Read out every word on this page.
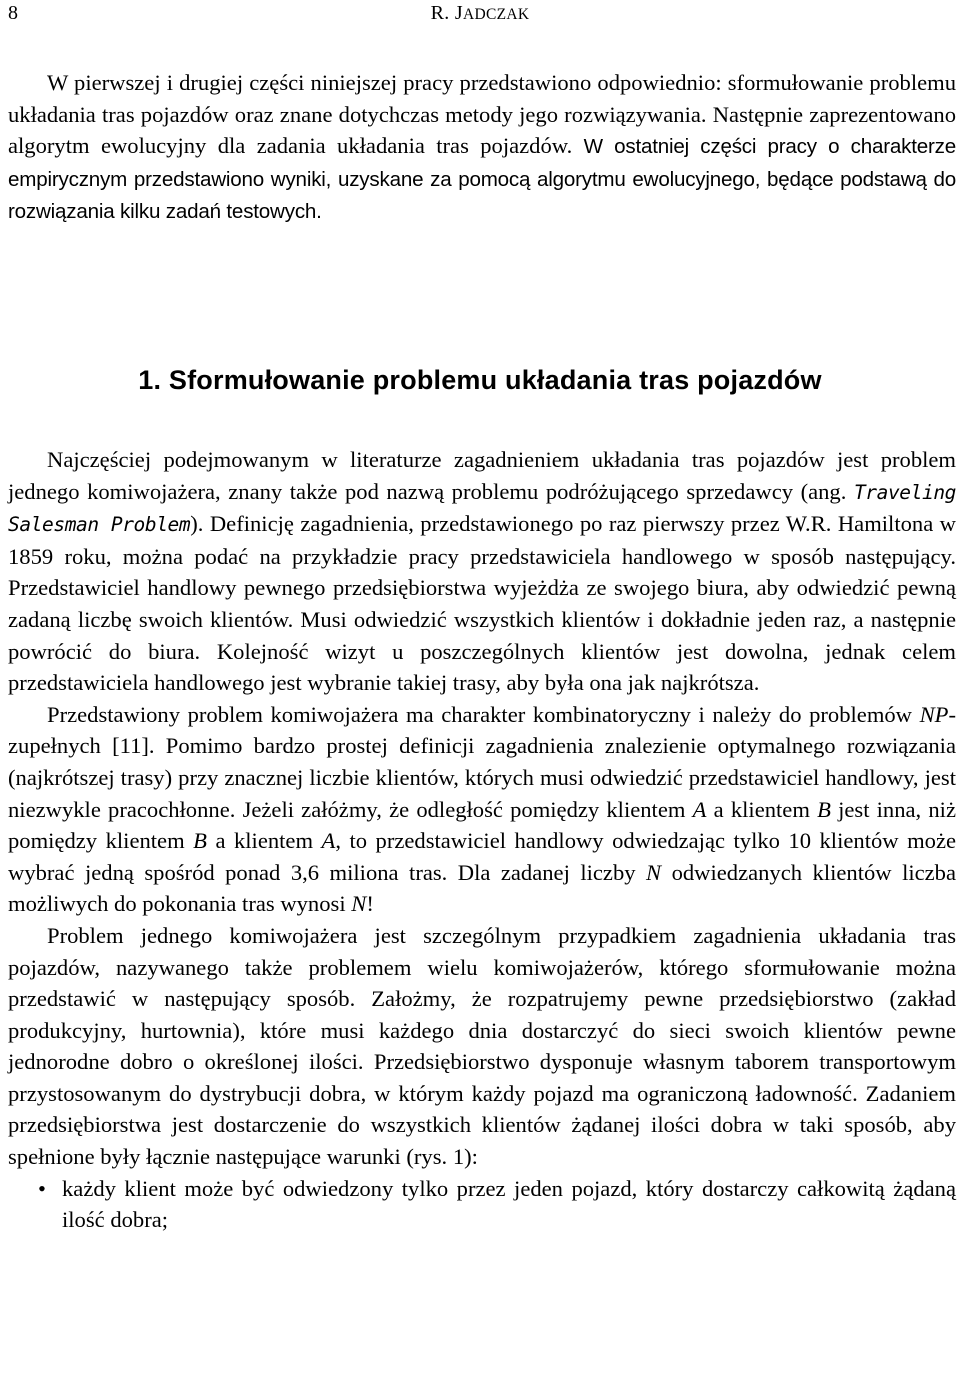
8	R. JADCZAK

W pierwszej i drugiej części niniejszej pracy przedstawiono odpowiednio: sformułowanie problemu układania tras pojazdów oraz znane dotychczas metody jego rozwiązywania. Następnie zaprezentowano algorytm ewolucyjny dla zadania układania tras pojazdów. W ostatniej części pracy o charakterze empirycznym przedstawiono wyniki, uzyskane za pomocą algorytmu ewolucyjnego, będące podstawą do rozwiązania kilku zadań testowych.

1. Sformułowanie problemu układania tras pojazdów

Najczęściej podejmowanym w literaturze zagadnieniem układania tras pojazdów jest problem jednego komiwojażera, znany także pod nazwą problemu podróżującego sprzedawcy (ang. Traveling Salesman Problem). Definicję zagadnienia, przedstawionego po raz pierwszy przez W.R. Hamiltona w 1859 roku, można podać na przykładzie pracy przedstawiciela handlowego w sposób następujący. Przedstawiciel handlowy pewnego przedsiębiorstwa wyjeżdża ze swojego biura, aby odwiedzić pewną zadaną liczbę swoich klientów. Musi odwiedzić wszystkich klientów i dokładnie jeden raz, a następnie powrócić do biura. Kolejność wizyt u poszczególnych klientów jest dowolna, jednak celem przedstawiciela handlowego jest wybranie takiej trasy, aby była ona jak najkrótsza.

Przedstawiony problem komiwojażera ma charakter kombinatoryczny i należy do problemów NP-zupełnych [11]. Pomimo bardzo prostej definicji zagadnienia znalezienie optymalnego rozwiązania (najkrótszej trasy) przy znacznej liczbie klientów, których musi odwiedzić przedstawiciel handlowy, jest niezwykle pracochłonne. Jeżeli załóżmy, że odległość pomiędzy klientem A a klientem B jest inna, niż pomiędzy klientem B a klientem A, to przedstawiciel handlowy odwiedzając tylko 10 klientów może wybrać jedną spośród ponad 3,6 miliona tras. Dla zadanej liczby N odwiedzanych klientów liczba możliwych do pokonania tras wynosi N!

Problem jednego komiwojażera jest szczególnym przypadkiem zagadnienia układania tras pojazdów, nazywanego także problemem wielu komiwojażerów, którego sformułowanie można przedstawić w następujący sposób. Założmy, że rozpatrujemy pewne przedsiębiorstwo (zakład produkcyjny, hurtownia), które musi każdego dnia dostarczyć do sieci swoich klientów pewne jednorodne dobro o określonej ilości. Przedsiębiorstwo dysponuje własnym taborem transportowym przystosowanym do dystrybucji dobra, w którym każdy pojazd ma ograniczoną ładowność. Zadaniem przedsiębiorstwa jest dostarczenie do wszystkich klientów żądanej ilości dobra w taki sposób, aby spełnione były łącznie następujące warunki (rys. 1):

• każdy klient może być odwiedzony tylko przez jeden pojazd, który dostarczy całkowitą żądaną ilość dobra;
